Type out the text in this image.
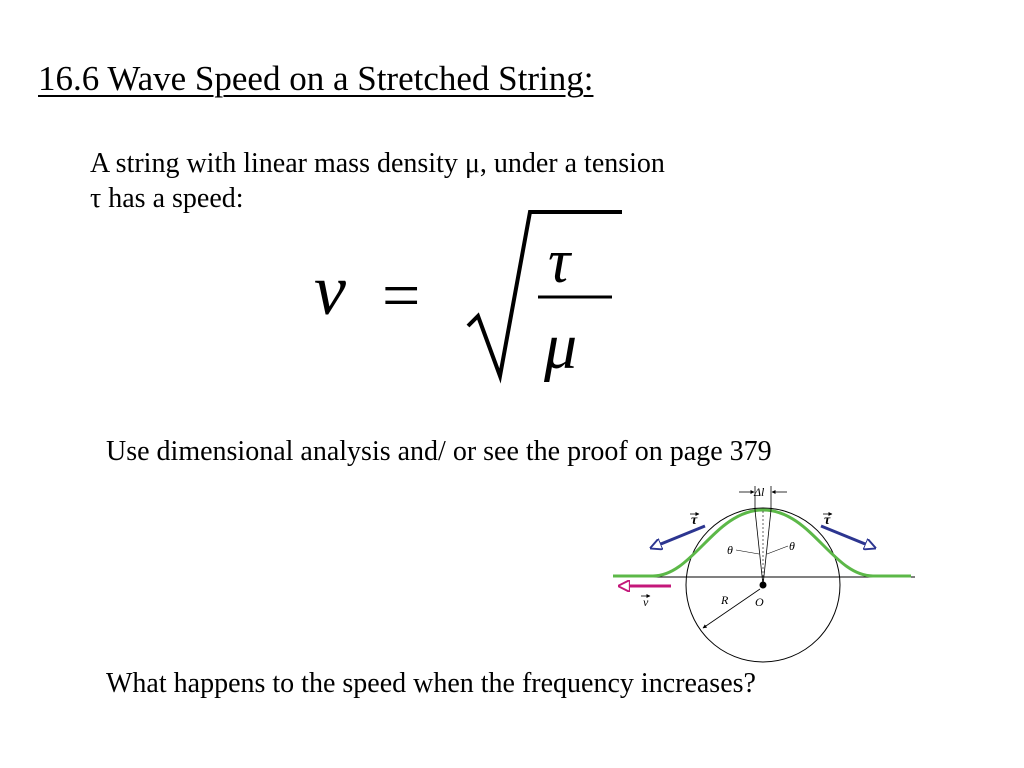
16.6 Wave Speed on a Stretched String:
A string with linear mass density μ, under a tension
τ has a speed:
v = τ
μ
Use dimensional analysis and/ or see the proof on page 379
Δl
τ	τ
θ	θ
O
R
v
What happens to the speed when the frequency increases?
